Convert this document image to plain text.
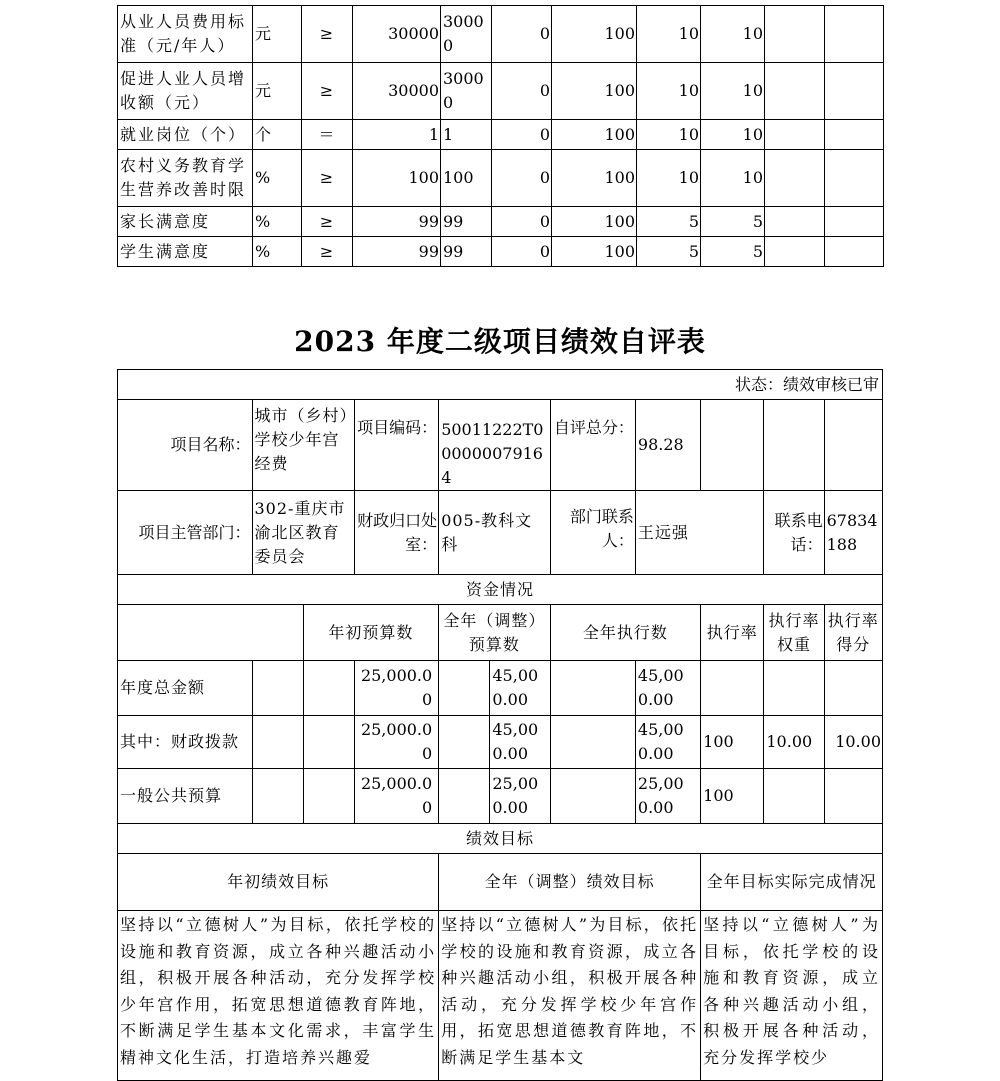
从业人员费用标准（元/年人）	元	≥	30000	30000	0	100	10	10		
促进人业人员增收额（元）	元	≥	30000	30000	0	100	10	10		
就业岗位（个）	个	＝	1	1	0	100	10	10		
农村义务教育学生营养改善时限	%	≥	100	100	0	100	10	10		
家长满意度	%	≥	99	99	0	100	5	5		
学生满意度	%	≥	99	99	0	100	5	5		
2023 年度二级项目绩效自评表
状态：绩效审核已审										
项目名称：	城市（乡村）学校少年宫经费		项目编码：	50011222T000000079164		自评总分：	98.28			
项目主管部门：	302-重庆市渝北区教育委员会		财政归口处室：	005-教科文科		部门联系人：	王远强		联系电话：	67834188
资金情况										
		年初预算数		全年（调整）预算数		全年执行数		执行率	执行率权重	执行率得分
年度总金额			25,000.00		45,000.00		45,000.00			
其中：财政拨款			25,000.00		45,000.00		45,000.00	100	10.00	10.00
一般公共预算			25,000.00		25,000.00		25,000.00	100		
绩效目标										
年初绩效目标				全年（调整）绩效目标				全年目标实际完成情况		
坚持以“立德树人”为目标，依托学校的设施和教育资源，成立各种兴趣活动小组，积极开展各种活动，充分发挥学校少年宫作用，拓宽思想道德教育阵地，不断满足学生基本文化需求，丰富学生精神文化生活，打造培养兴趣爱				坚持以“立德树人”为目标，依托学校的设施和教育资源，成立各种兴趣活动小组，积极开展各种活动，充分发挥学校少年宫作用，拓宽思想道德教育阵地，不断满足学生基本文				坚持以“立德树人”为目标，依托学校的设施和教育资源，成立各种兴趣活动小组，积极开展各种活动，充分发挥学校少		
